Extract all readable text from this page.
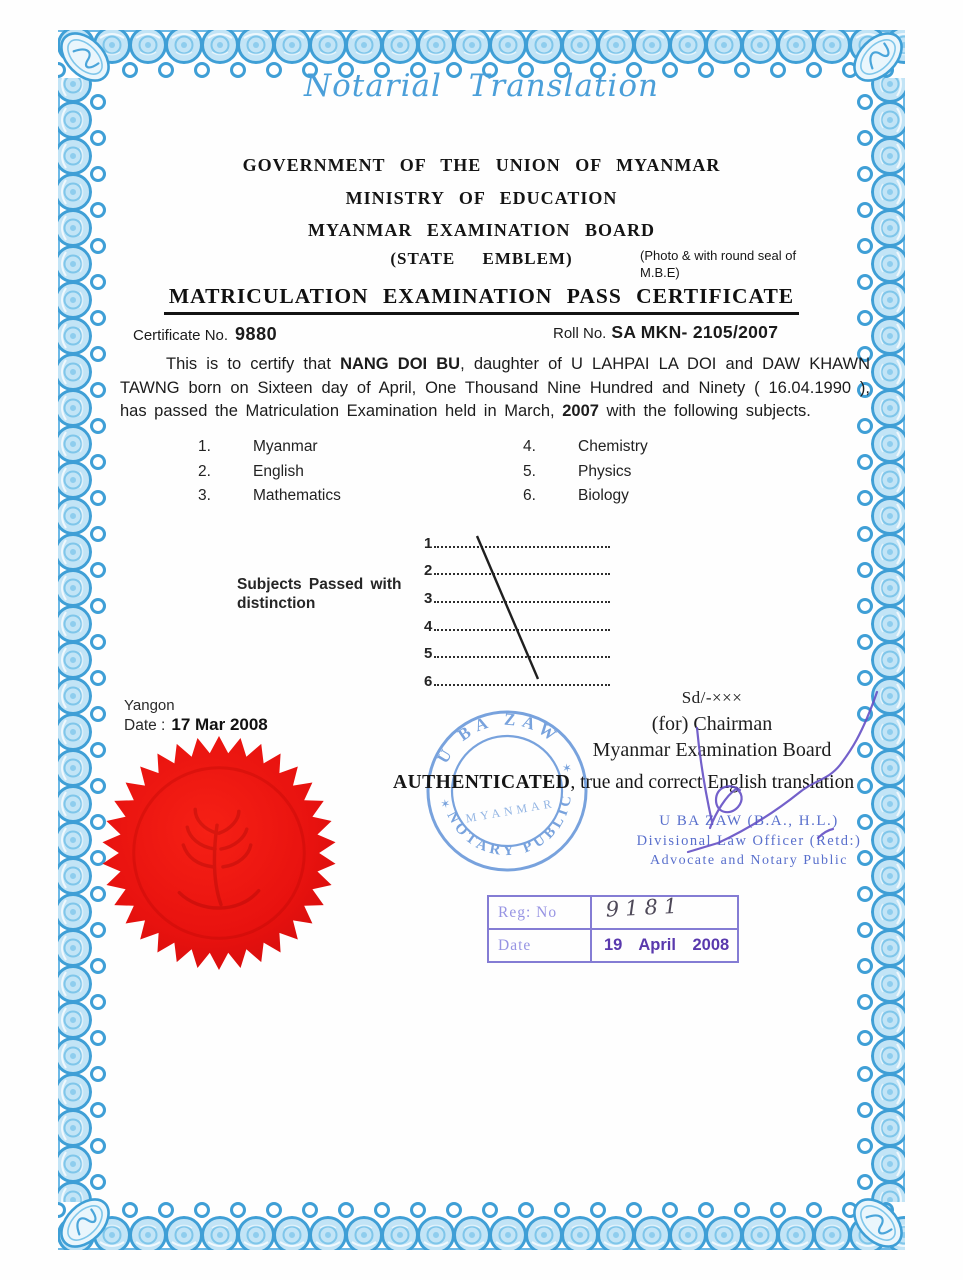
U BA ZAW
NOTARY PUBLIC
MYANMAR
✶
✶
Notarial Translation
GOVERNMENT OF THE UNION OF MYANMAR
MINISTRY OF EDUCATION
MYANMAR EXAMINATION BOARD
(STATE EMBLEM)	(Photo & with round seal of M.B.E)
MATRICULATION EXAMINATION PASS CERTIFICATE
Certificate No. 9880	Roll No. SA MKN- 2105/2007
This is to certify that NANG DOI BU, daughter of U LAHPAI LA DOI and DAW KHAWN TAWNG born on Sixteen day of April, One Thousand Nine Hundred and Ninety ( 16.04.1990 ), has passed the Matriculation Examination held in March, 2007 with the following subjects.
1.	Myanmar
2.	English
3.	Mathematics
4.	Chemistry
5.	Physics
6.	Biology
Subjects Passed with
distinction
1
2
3
4
5
6
Yangon
Date : 17 Mar 2008
Sd/-×××
(for) Chairman
Myanmar Examination Board
AUTHENTICATED, true and correct English translation
U BA ZAW (B.A., H.L.)
Divisional Law Officer (Retd:)
Advocate and Notary Public
Reg: No	9181
Date	19 April 2008
